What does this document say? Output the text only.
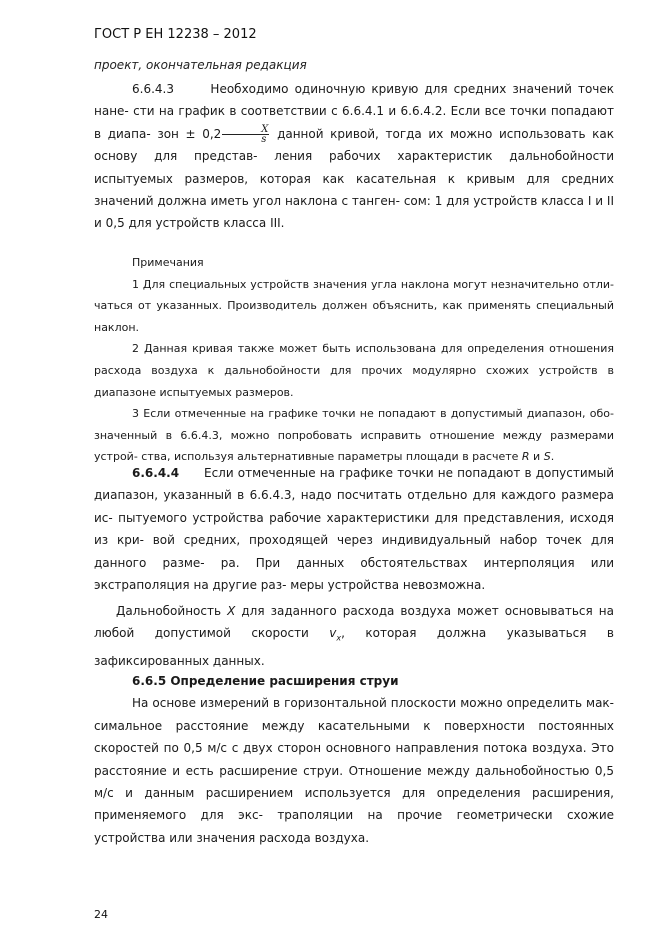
ГОСТ Р ЕН 12238 – 2012
проект, окончательная редакция

6.6.4.3	Необходимо одиночную кривую для средних значений точек нане- сти на график в соответствии с 6.6.4.1 и 6.6.4.2. Если все точки попадают в диапа- зон ± $0,2 \frac{X}{s}$ данной кривой, тогда их можно использовать как основу для представ- ления рабочих характеристик дальнобойности испытуемых размеров, которая как касательная к кривым для средних значений должна иметь угол наклона с танген- сом: 1 для устройств класса I и II и 0,5 для устройств класса III.

Примечания

1 Для специальных устройств значения угла наклона могут незначительно отли- чаться от указанных. Производитель должен объяснить, как применять специальный наклон.

2 Данная кривая также может быть использована для определения отношения расхода воздуха к дальнобойности для прочих модулярно схожих устройств в диапазоне испытуемых размеров.

3 Если отмеченные на графике точки не попадают в допустимый диапазон, обо- значенный в 6.6.4.3, можно попробовать исправить отношение между размерами устрой- ства, используя альтернативные параметры площади в расчете R и S.

6.6.4.4 Если отмеченные на графике точки не попадают в допустимый диапазон, указанный в 6.6.4.3, надо посчитать отдельно для каждого размера ис- пытуемого устройства рабочие характеристики для представления, исходя из кри- вой средних, проходящей через индивидуальный набор точек для данного разме- ра. При данных обстоятельствах интерполяция или экстраполяция на другие раз- меры устройства невозможна.

Дальнобойность X для заданного расхода воздуха может основываться на любой допустимой скорости $v_x$, которая должна указываться в зафиксированных данных.

6.6.5 Определение расширения струи

На основе измерений в горизонтальной плоскости можно определить мак- симальное расстояние между касательными к поверхности постоянных скоростей по 0,5 м/с с двух сторон основного направления потока воздуха. Это расстояние и есть расширение струи. Отношение между дальнобойностью 0,5 м/с и данным расширением используется для определения расширения, применяемого для экс- траполяции на прочие геометрически схожие устройства или значения расхода воздуха.

24
